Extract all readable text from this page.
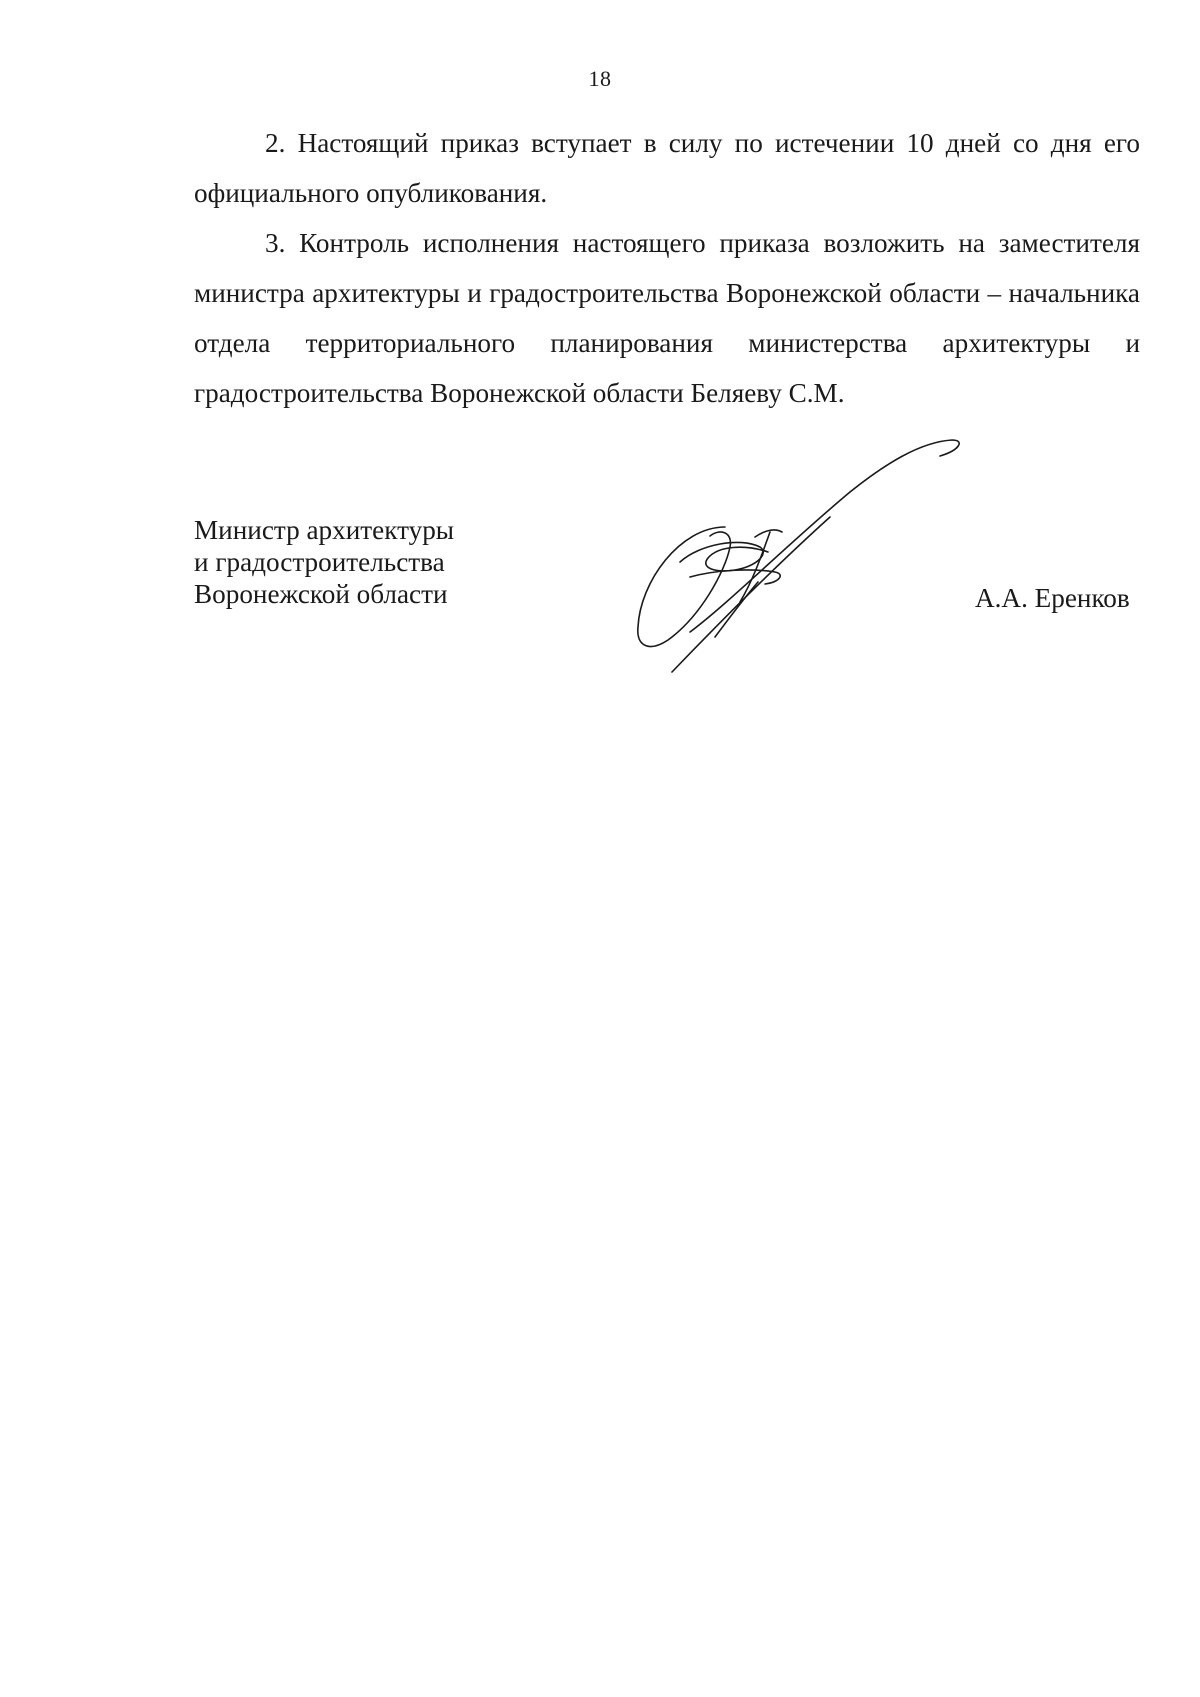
18

2. Настоящий приказ вступает в силу по истечении 10 дней со дня его официального опубликования.

3. Контроль исполнения настоящего приказа возложить на заместителя министра архитектуры и градостроительства Воронежской области – начальника отдела территориального планирования министерства архитектуры и градостроительства Воронежской области Беляеву С.М.

Министр архитектуры
и градостроительства
Воронежской области	А.А. Еренков
